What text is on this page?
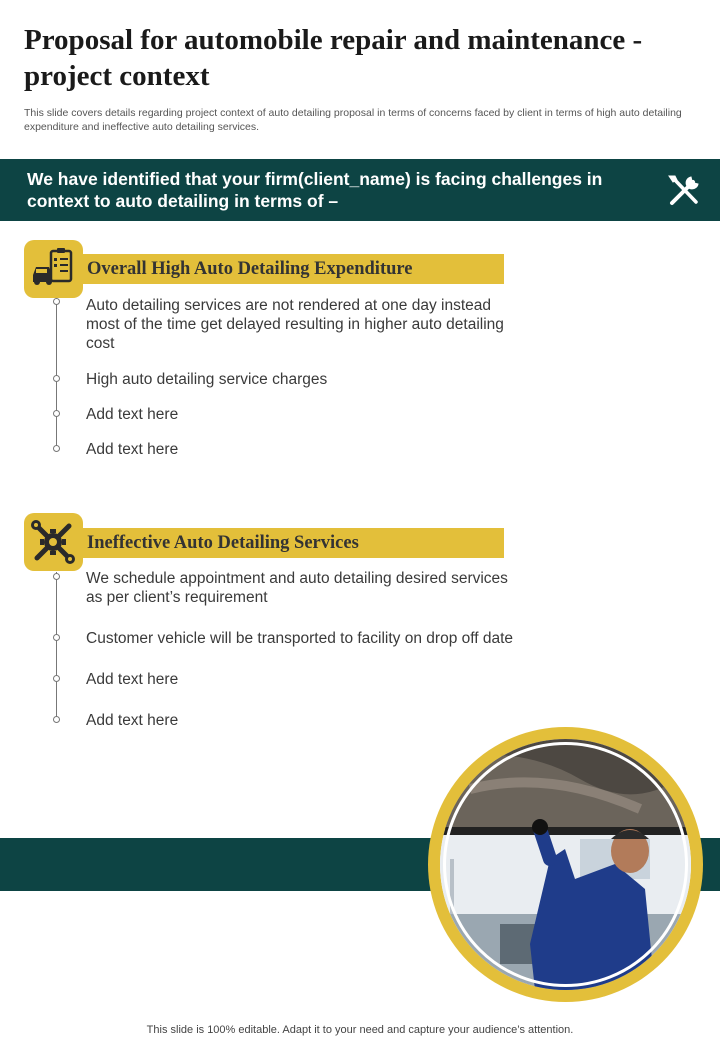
Proposal for automobile repair and maintenance - project context
This slide covers details regarding project context of auto detailing proposal in terms of concerns faced by client in terms of high auto detailing expenditure and ineffective auto detailing services.
We have identified that your firm(client_name) is facing challenges in context to auto detailing in terms of –
Overall High Auto Detailing Expenditure
Auto detailing services are not rendered at one day instead most of the time get delayed resulting in higher auto detailing cost
High auto detailing service charges
Add text here
Add text here
Ineffective Auto Detailing Services
We schedule appointment and auto detailing desired services as per client’s requirement
Customer vehicle will be transported to facility on drop off date
Add text here
Add text here
This slide is 100% editable. Adapt it to your need and capture your audience’s attention.
